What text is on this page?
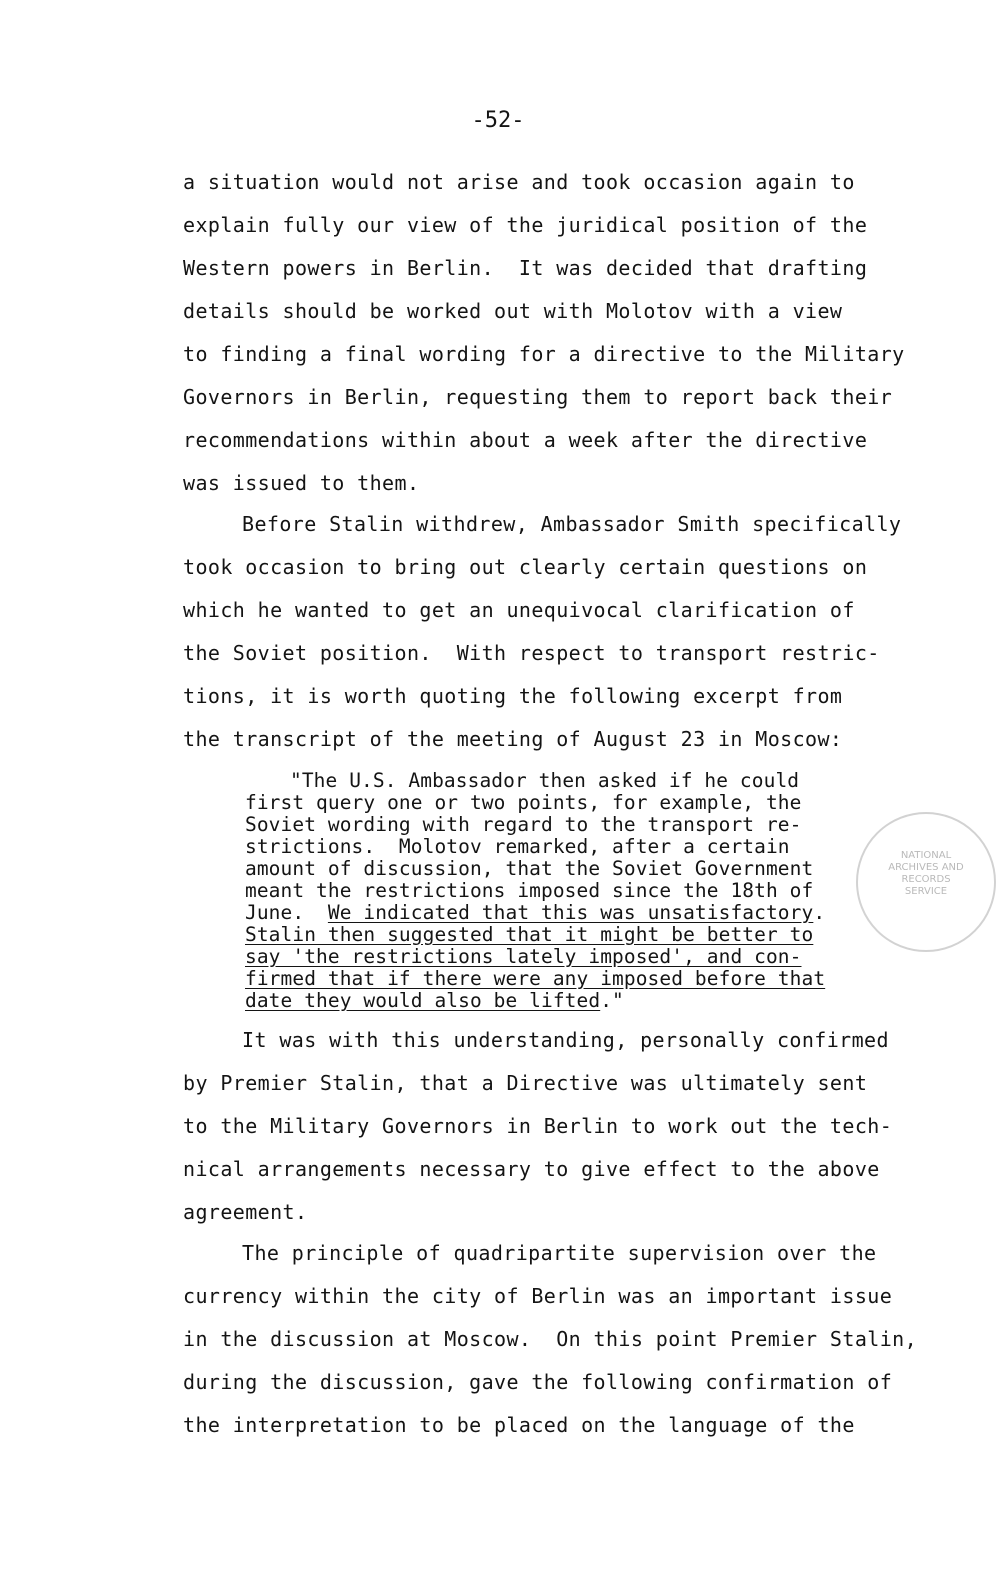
-52-
a situation would not arise and took occasion again to
explain fully our view of the juridical position of the
Western powers in Berlin.  It was decided that drafting
details should be worked out with Molotov with a view
to finding a final wording for a directive to the Military
Governors in Berlin, requesting them to report back their
recommendations within about a week after the directive
was issued to them.
Before Stalin withdrew, Ambassador Smith specifically
took occasion to bring out clearly certain questions on
which he wanted to get an unequivocal clarification of
the Soviet position.  With respect to transport restric-
tions, it is worth quoting the following excerpt from
the transcript of the meeting of August 23 in Moscow:
"The U.S. Ambassador then asked if he could
first query one or two points, for example, the
Soviet wording with regard to the transport re-
strictions.  Molotov remarked, after a certain
amount of discussion, that the Soviet Government
meant the restrictions imposed since the 18th of
June. We indicated that this was unsatisfactory.
Stalin then suggested that it might be better to
say 'the restrictions lately imposed', and con-
firmed that if there were any imposed before that
date they would also be lifted."
NATIONAL
ARCHIVES AND
RECORDS
SERVICE
It was with this understanding, personally confirmed
by Premier Stalin, that a Directive was ultimately sent
to the Military Governors in Berlin to work out the tech-
nical arrangements necessary to give effect to the above
agreement.
The principle of quadripartite supervision over the
currency within the city of Berlin was an important issue
in the discussion at Moscow.  On this point Premier Stalin,
during the discussion, gave the following confirmation of
the interpretation to be placed on the language of the
